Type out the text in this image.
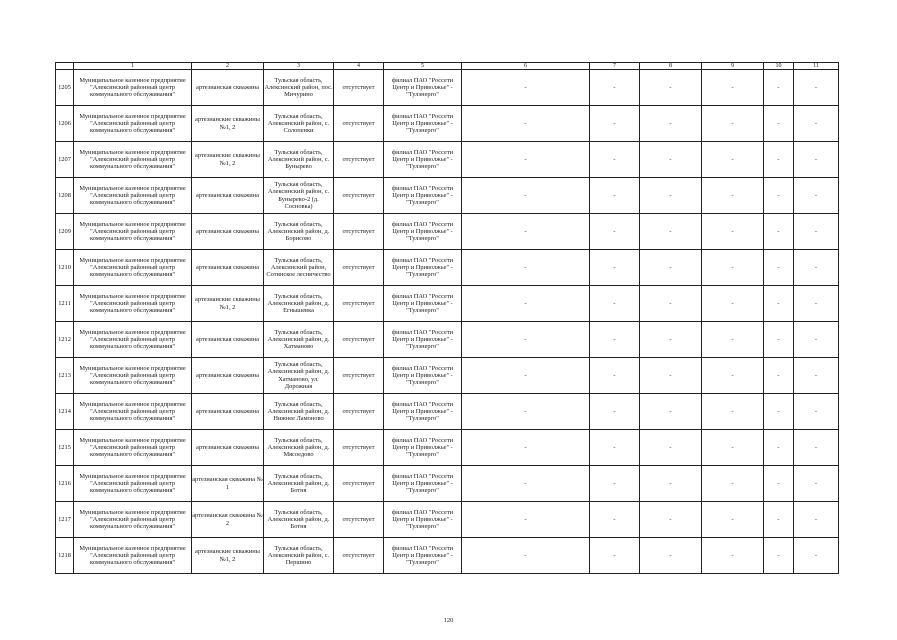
	1	2	3	4	5	6	7	8	9	10	11
1205	Муниципальное казенное предприятие "Алексинский районный центр коммунального обслуживания"	артезианская скважина	Тульская область, Алексинский район, пос. Мичурино	отсутствует	филиал ПАО "Россети Центр и Приволжье" - "Тулэнерго"	-	-	-	-	-	-
1206	Муниципальное казенное предприятие "Алексинский районный центр коммунального обслуживания"	артезианские скважины №1, 2	Тульская область, Алексинский район, с. Солопенки	отсутствует	филиал ПАО "Россети Центр и Приволжье" - "Тулэнерго"	-	-	-	-	-	-
1207	Муниципальное казенное предприятие "Алексинский районный центр коммунального обслуживания"	артезианские скважины №1, 2	Тульская область, Алексинский район, с. Бунырево	отсутствует	филиал ПАО "Россети Центр и Приволжье" - "Тулэнерго"	-	-	-	-	-	-
1208	Муниципальное казенное предприятие "Алексинский районный центр коммунального обслуживания"	артезианская скважина	Тульская область, Алексинский район, с. Бунырево-2 (д. Сосновка)	отсутствует	филиал ПАО "Россети Центр и Приволжье" - "Тулэнерго"	-	-	-	-	-	-
1209	Муниципальное казенное предприятие "Алексинский районный центр коммунального обслуживания"	артезианская скважина	Тульская область, Алексинский район, д. Борисово	отсутствует	филиал ПАО "Россети Центр и Приволжье" - "Тулэнерго"	-	-	-	-	-	-
1210	Муниципальное казенное предприятие "Алексинский районный центр коммунального обслуживания"	артезианская скважина	Тульская область, Алексинский район, Сотинское лесничество	отсутствует	филиал ПАО "Россети Центр и Приволжье" - "Тулэнерго"	-	-	-	-	-	-
1211	Муниципальное казенное предприятие "Алексинский районный центр коммунального обслуживания"	артезианские скважины №1, 2	Тульская область, Алексинский район, д. Егнышевка	отсутствует	филиал ПАО "Россети Центр и Приволжье" - "Тулэнерго"	-	-	-	-	-	-
1212	Муниципальное казенное предприятие "Алексинский районный центр коммунального обслуживания"	артезианская скважина	Тульская область, Алексинский район, д. Хатманово	отсутствует	филиал ПАО "Россети Центр и Приволжье" - "Тулэнерго"	-	-	-	-	-	-
1213	Муниципальное казенное предприятие "Алексинский районный центр коммунального обслуживания"	артезианская скважина	Тульская область, Алексинский район, д. Хатманово, ул. Дорожная	отсутствует	филиал ПАО "Россети Центр и Приволжье" - "Тулэнерго"	-	-	-	-	-	-
1214	Муниципальное казенное предприятие "Алексинский районный центр коммунального обслуживания"	артезианская скважина	Тульская область, Алексинский район, д. Нижнее Ламоново	отсутствует	филиал ПАО "Россети Центр и Приволжье" - "Тулэнерго"	-	-	-	-	-	-
1215	Муниципальное казенное предприятие "Алексинский районный центр коммунального обслуживания"	артезианская скважина	Тульская область, Алексинский район, д. Мясоедово	отсутствует	филиал ПАО "Россети Центр и Приволжье" - "Тулэнерго"	-	-	-	-	-	-
1216	Муниципальное казенное предприятие "Алексинский районный центр коммунального обслуживания"	артезианская скважина № 1	Тульская область, Алексинский район, д. Ботня	отсутствует	филиал ПАО "Россети Центр и Приволжье" - "Тулэнерго"	-	-	-	-	-	-
1217	Муниципальное казенное предприятие "Алексинский районный центр коммунального обслуживания"	артезианская скважина № 2	Тульская область, Алексинский район, д. Ботня	отсутствует	филиал ПАО "Россети Центр и Приволжье" - "Тулэнерго"	-	-	-	-	-	-
1218	Муниципальное казенное предприятие "Алексинский районный центр коммунального обслуживания"	артезианские скважины №1, 2	Тульская область, Алексинский район, с. Першино	отсутствует	филиал ПАО "Россети Центр и Приволжье" - "Тулэнерго"	-	-	-	-	-	-
120
